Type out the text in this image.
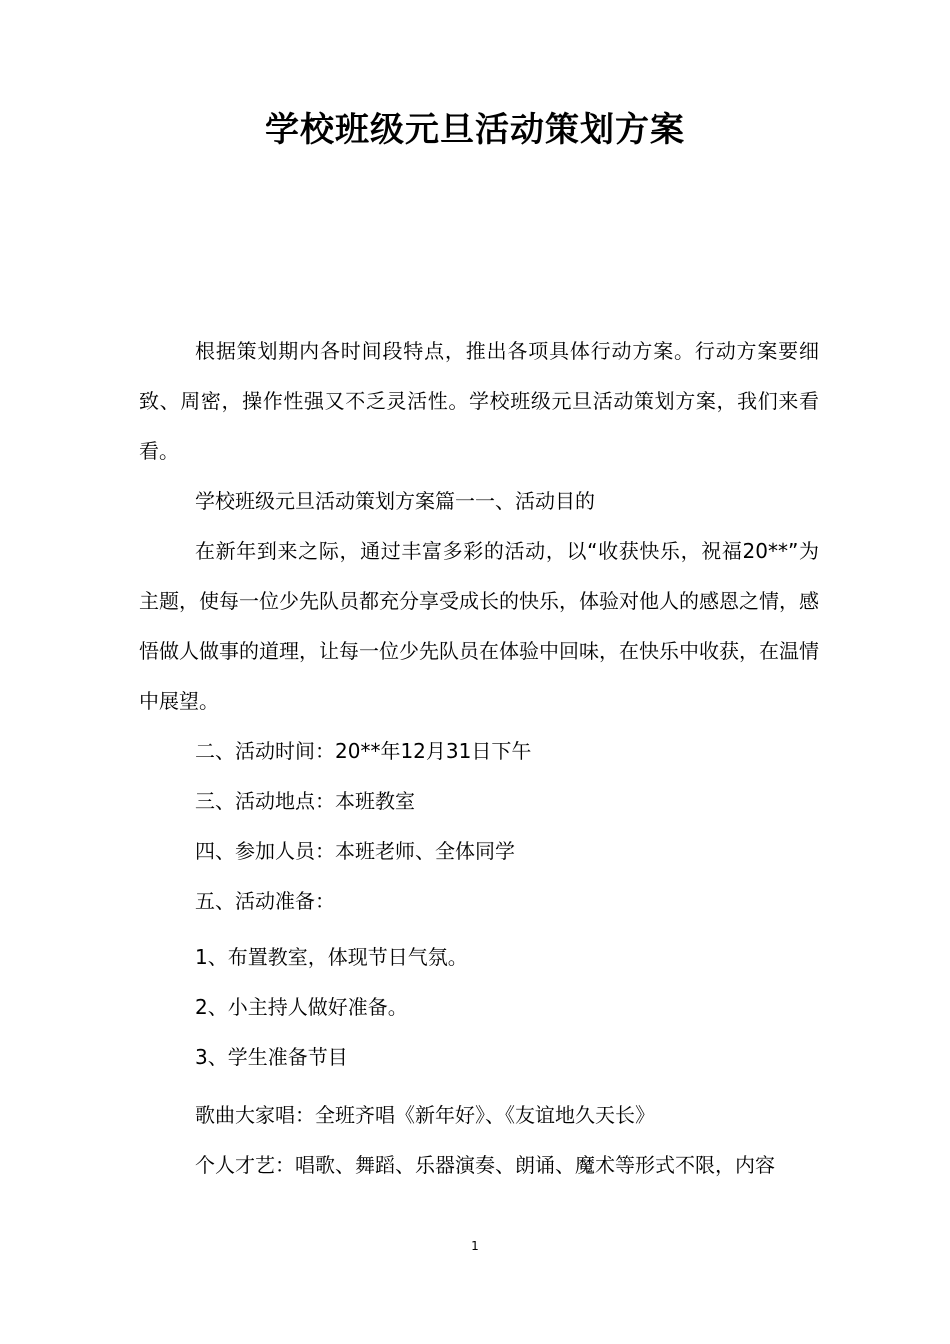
学校班级元旦活动策划方案

根据策划期内各时间段特点，推出各项具体行动方案。行动方案要细致、周密，操作性强又不乏灵活性。学校班级元旦活动策划方案，我们来看看。

学校班级元旦活动策划方案篇一一、活动目的

在新年到来之际，通过丰富多彩的活动，以“收获快乐，祝福20**”为主题，使每一位少先队员都充分享受成长的快乐，体验对他人的感恩之情，感悟做人做事的道理，让每一位少先队员在体验中回味，在快乐中收获，在温情中展望。

二、活动时间：20**年12月31日下午

三、活动地点：本班教室

四、参加人员：本班老师、全体同学

五、活动准备：

1、布置教室，体现节日气氛。

2、小主持人做好准备。

3、学生准备节目

歌曲大家唱：全班齐唱《新年好》、《友谊地久天长》

个人才艺：唱歌、舞蹈、乐器演奏、朗诵、魔术等形式不限，内容

1
